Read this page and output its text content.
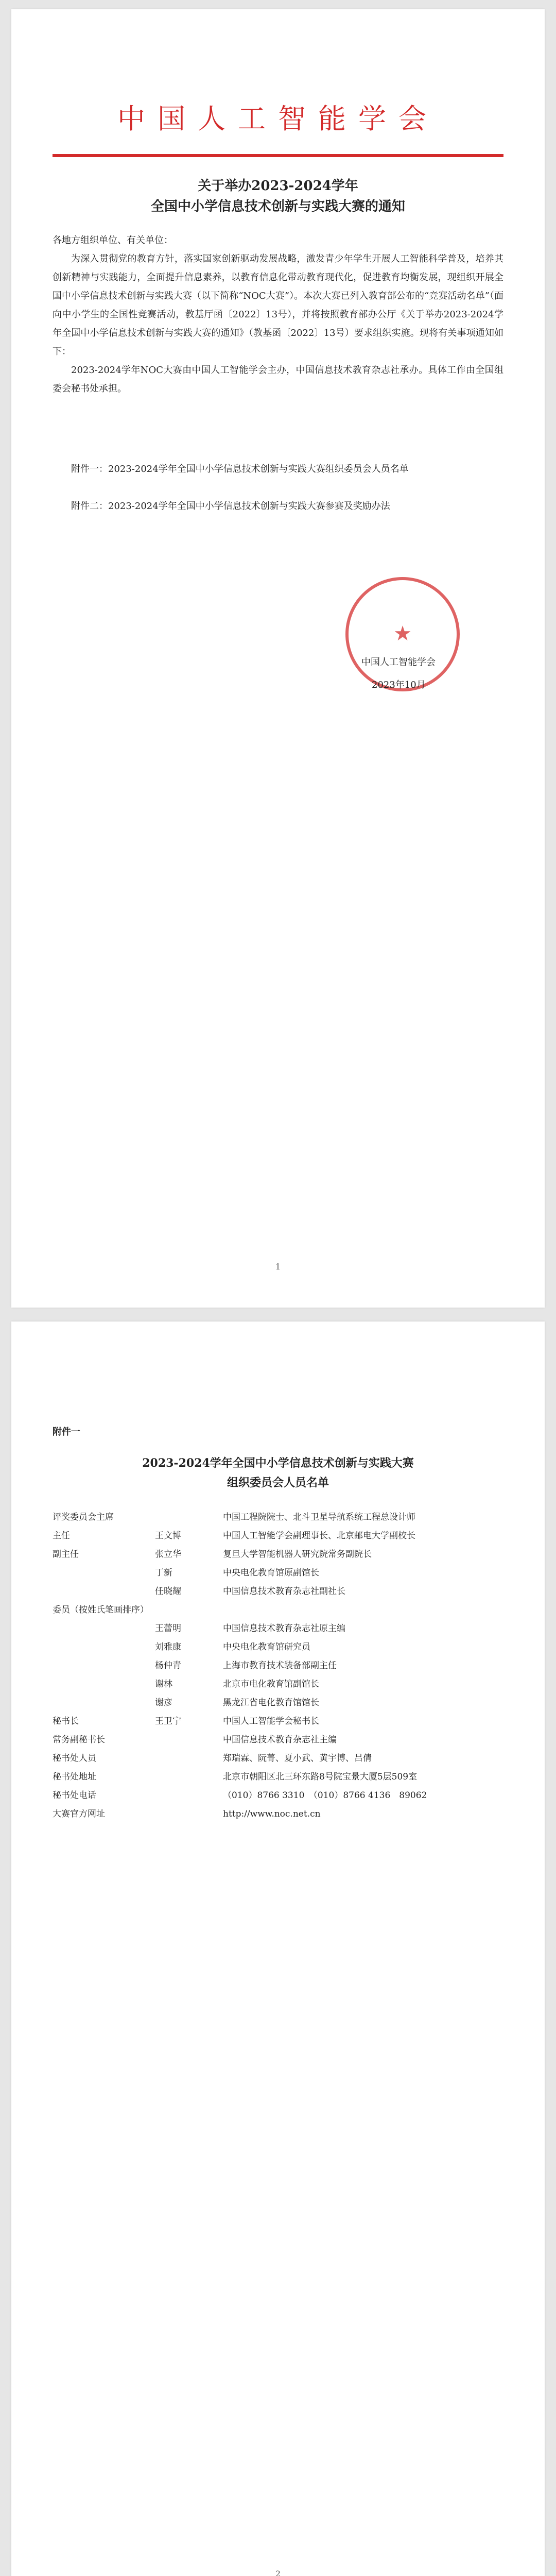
中国人工智能学会
关于举办2023-2024学年
全国中小学信息技术创新与实践大赛的通知

各地方组织单位、有关单位：

为深入贯彻党的教育方针，落实国家创新驱动发展战略，激发青少年学生开展人工智能科学普及，培养其创新精神与实践能力，全面提升信息素养，以教育信息化带动教育现代化，促进教育均衡发展，现组织开展全国中小学信息技术创新与实践大赛（以下简称“NOC大赛”）。本次大赛已列入教育部公布的“竞赛活动名单”（面向中小学生的全国性竞赛活动，教基厅函〔2022〕13号），并将按照教育部办公厅《关于举办2023-2024学年全国中小学信息技术创新与实践大赛的通知》（教基函〔2022〕13号）要求组织实施。现将有关事项通知如下：

2023-2024学年NOC大赛由中国人工智能学会主办，中国信息技术教育杂志社承办。具体工作由全国组委会秘书处承担。

附件一：2023-2024学年全国中小学信息技术创新与实践大赛组织委员会人员名单

附件二：2023-2024学年全国中小学信息技术创新与实践大赛参赛及奖励办法

★
中国人工智能学会
2023年10月
1
附件一
2023-2024学年全国中小学信息技术创新与实践大赛
组织委员会人员名单
评奖委员会主席		中国工程院院士、北斗卫星导航系统工程总设计师
主任	王文博	中国人工智能学会副理事长、北京邮电大学副校长
副主任	张立华	复旦大学智能机器人研究院常务副院长
	丁新	中央电化教育馆原副馆长
	任晓耀	中国信息技术教育杂志社副社长
委员（按姓氏笔画排序）		
	王蕾明	中国信息技术教育杂志社原主编
	刘雅康	中央电化教育馆研究员
	杨仲青	上海市教育技术装备部副主任
	谢林	北京市电化教育馆副馆长
	谢彦	黑龙江省电化教育馆馆长
秘书长	王卫宁	中国人工智能学会秘书长
常务副秘书长		中国信息技术教育杂志社主编
秘书处人员		郑瑞霖、阮菁、夏小武、黄宇博、吕倩
秘书处地址		北京市朝阳区北三环东路8号院宝景大厦5层509室
秘书处电话		（010）8766 3310　（010）8766 4136　89062
大赛官方网址		http://www.noc.net.cn
2
